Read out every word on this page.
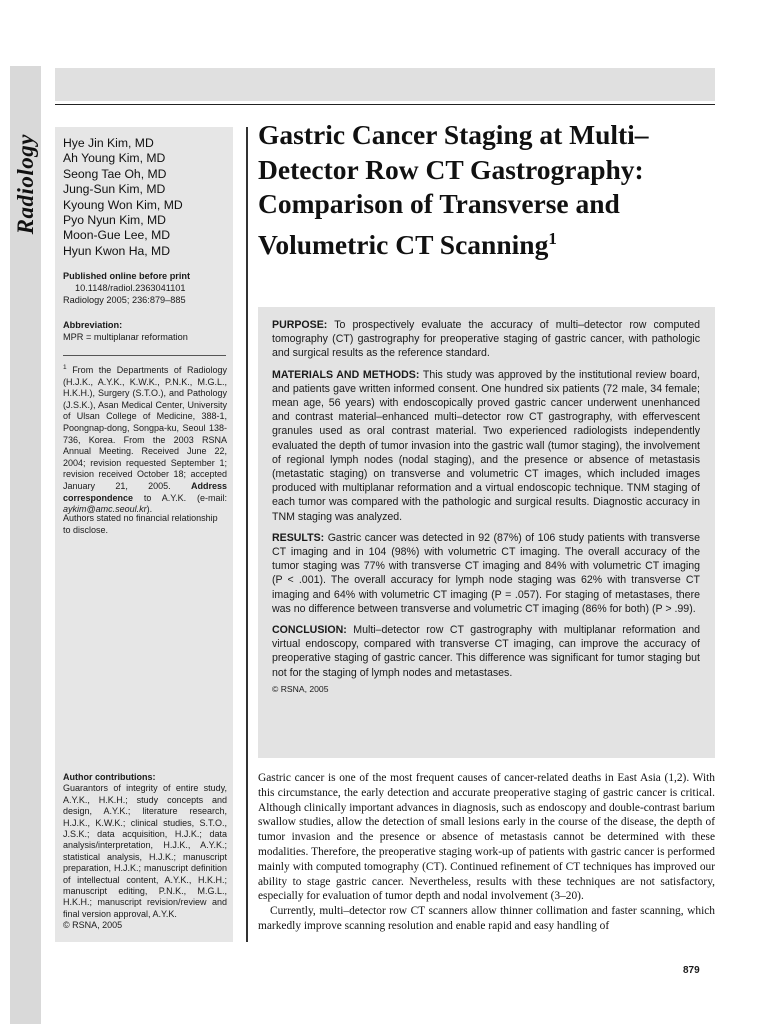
Radiology Hye Jin Kim, MD
Ah Young Kim, MD
Seong Tae Oh, MD
Jung-Sun Kim, MD
Kyoung Won Kim, MD
Pyo Nyun Kim, MD
Moon-Gue Lee, MD
Hyun Kwon Ha, MD
Published online before print
10.1148/radiol.2363041101
Radiology 2005; 236:879–885
Abbreviation:
MPR = multiplanar reformation
$^1$ From the Departments of Radiology (H.J.K., A.Y.K., K.W.K., P.N.K., M.G.L., H.K.H.), Surgery (S.T.O.), and Pathology (J.S.K.), Asan Medical Center, University of Ulsan College of Medicine, 388-1, Poongnap-dong, Songpa-ku, Seoul 138-736, Korea. From the 2003 RSNA Annual Meeting. Received June 22, 2004; revision requested September 1; revision received October 18; accepted January 21, 2005. Address correspondence to A.Y.K. (e-mail: aykim@amc.seoul.kr).
Authors stated no financial relationship to disclose.
Author contributions:
Guarantors of integrity of entire study, A.Y.K., H.K.H.; study concepts and design, A.Y.K.; literature research, H.J.K., K.W.K.; clinical studies, S.T.O., J.S.K.; data acquisition, H.J.K.; data analysis/interpretation, H.J.K., A.Y.K.; statistical analysis, H.J.K.; manuscript preparation, H.J.K.; manuscript definition of intellectual content, A.Y.K., H.K.H.; manuscript editing, P.N.K., M.G.L., H.K.H.; manuscript revision/review and final version approval, A.Y.K.
© RSNA, 2005
Gastric Cancer Staging at Multi–Detector Row CT Gastrography: Comparison of Transverse and Volumetric CT Scanning$^1$

PURPOSE: To prospectively evaluate the accuracy of multi–detector row computed tomography (CT) gastrography for preoperative staging of gastric cancer, with pathologic and surgical results as the reference standard.

MATERIALS AND METHODS: This study was approved by the institutional review board, and patients gave written informed consent. One hundred six patients (72 male, 34 female; mean age, 56 years) with endoscopically proved gastric cancer underwent unenhanced and contrast material–enhanced multi–detector row CT gastrography, with effervescent granules used as oral contrast material. Two experienced radiologists independently evaluated the depth of tumor invasion into the gastric wall (tumor staging), the involvement of regional lymph nodes (nodal staging), and the presence or absence of metastasis (metastatic staging) on transverse and volumetric CT images, which included images produced with multiplanar reformation and a virtual endoscopic technique. TNM staging of each tumor was compared with the pathologic and surgical results. Diagnostic accuracy in TNM staging was analyzed.

RESULTS: Gastric cancer was detected in 92 (87%) of 106 study patients with transverse CT imaging and in 104 (98%) with volumetric CT imaging. The overall accuracy of the tumor staging was 77% with transverse CT imaging and 84% with volumetric CT imaging (P < .001). The overall accuracy for lymph node staging was 62% with transverse CT imaging and 64% with volumetric CT imaging (P = .057). For staging of metastases, there was no difference between transverse and volumetric CT imaging (86% for both) (P > .99).

CONCLUSION: Multi–detector row CT gastrography with multiplanar reformation and virtual endoscopy, compared with transverse CT imaging, can improve the accuracy of preoperative staging of gastric cancer. This difference was significant for tumor staging but not for the staging of lymph nodes and metastases.

© RSNA, 2005

Gastric cancer is one of the most frequent causes of cancer-related deaths in East Asia (1,2). With this circumstance, the early detection and accurate preoperative staging of gastric cancer is critical. Although clinically important advances in diagnosis, such as endoscopy and double-contrast barium swallow studies, allow the detection of small lesions early in the course of the disease, the depth of tumor invasion and the presence or absence of metastasis cannot be determined with these modalities. Therefore, the preoperative staging work-up of patients with gastric cancer is performed mainly with computed tomography (CT). Continued refinement of CT techniques has improved our ability to stage gastric cancer. Nevertheless, results with these techniques are not satisfactory, especially for evaluation of tumor depth and nodal involvement (3–20).

Currently, multi–detector row CT scanners allow thinner collimation and faster scanning, which markedly improve scanning resolution and enable rapid and easy handling of

879
